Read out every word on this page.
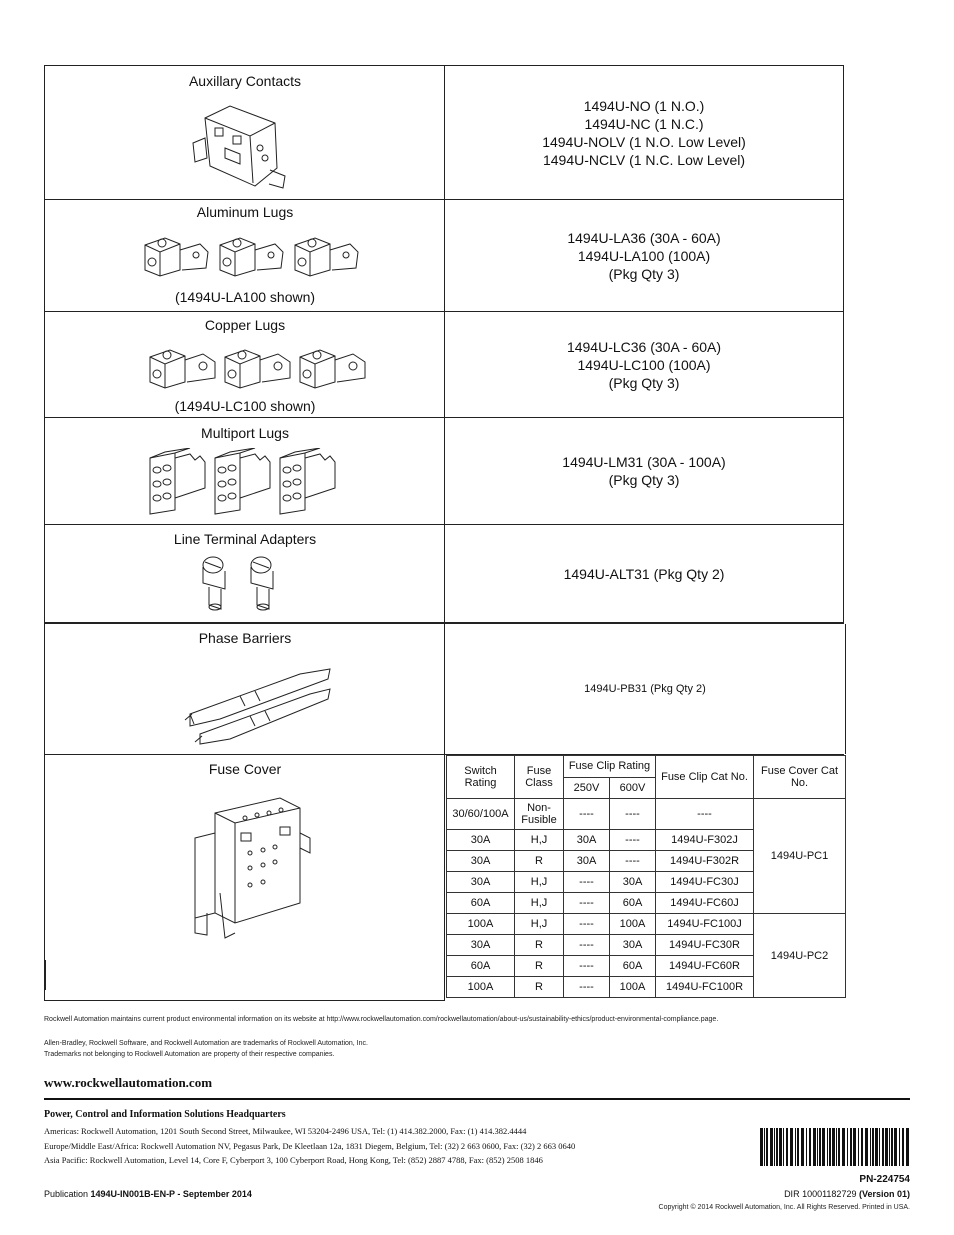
Auxillary Contacts
1494U-NO (1 N.O.)
1494U-NC (1 N.C.)
1494U-NOLV (1 N.O. Low Level)
1494U-NCLV (1 N.C. Low Level)
Aluminum Lugs
(1494U-LA100 shown)
1494U-LA36 (30A - 60A)
1494U-LA100 (100A)
(Pkg Qty 3)
Copper Lugs
(1494U-LC100 shown)
1494U-LC36 (30A - 60A)
1494U-LC100 (100A)
(Pkg Qty 3)
Multiport Lugs
1494U-LM31 (30A - 100A)
(Pkg Qty 3)
Line Terminal Adapters
1494U-ALT31 (Pkg Qty 2)
Phase Barriers
1494U-PB31 (Pkg Qty 2)
Fuse Cover	Switch Rating	Fuse Class	Fuse Clip Rating		Fuse Clip Cat No.	Fuse Cover Cat No.
		250V	600V		
30/60/100A	Non-Fusible	----	----	----	1494U-PC1
30A	H,J	30A	----	1494U-F302J	
30A	R	30A	----	1494U-F302R	
30A	H,J	----	30A	1494U-FC30J	
60A	H,J	----	60A	1494U-FC60J	
100A	H,J	----	100A	1494U-FC100J	1494U-PC2
30A	R	----	30A	1494U-FC30R	
60A	R	----	60A	1494U-FC60R	
100A	R	----	100A	1494U-FC100R	
Rockwell Automation maintains current product environmental information on its website at http://www.rockwellautomation.com/rockwellautomation/about-us/sustainability-ethics/product-environmental-compliance.page.
Allen-Bradley, Rockwell Software, and Rockwell Automation are trademarks of Rockwell Automation, Inc.
Trademarks not belonging to Rockwell Automation are property of their respective companies.
www.rockwellautomation.com
Power, Control and Information Solutions Headquarters
Americas: Rockwell Automation, 1201 South Second Street, Milwaukee, WI 53204-2496 USA, Tel: (1) 414.382.2000, Fax: (1) 414.382.4444
Europe/Middle East/Africa: Rockwell Automation NV, Pegasus Park, De Kleetlaan 12a, 1831 Diegem, Belgium, Tel: (32) 2 663 0600, Fax: (32) 2 663 0640
Asia Pacific: Rockwell Automation, Level 14, Core F, Cyberport 3, 100 Cyberport Road, Hong Kong, Tel: (852) 2887 4788, Fax: (852) 2508 1846
PN-224754
Publication 1494U-IN001B-EN-P - September 2014	DIR 10001182729 (Version 01)
Copyright © 2014 Rockwell Automation, Inc. All Rights Reserved. Printed in USA.
